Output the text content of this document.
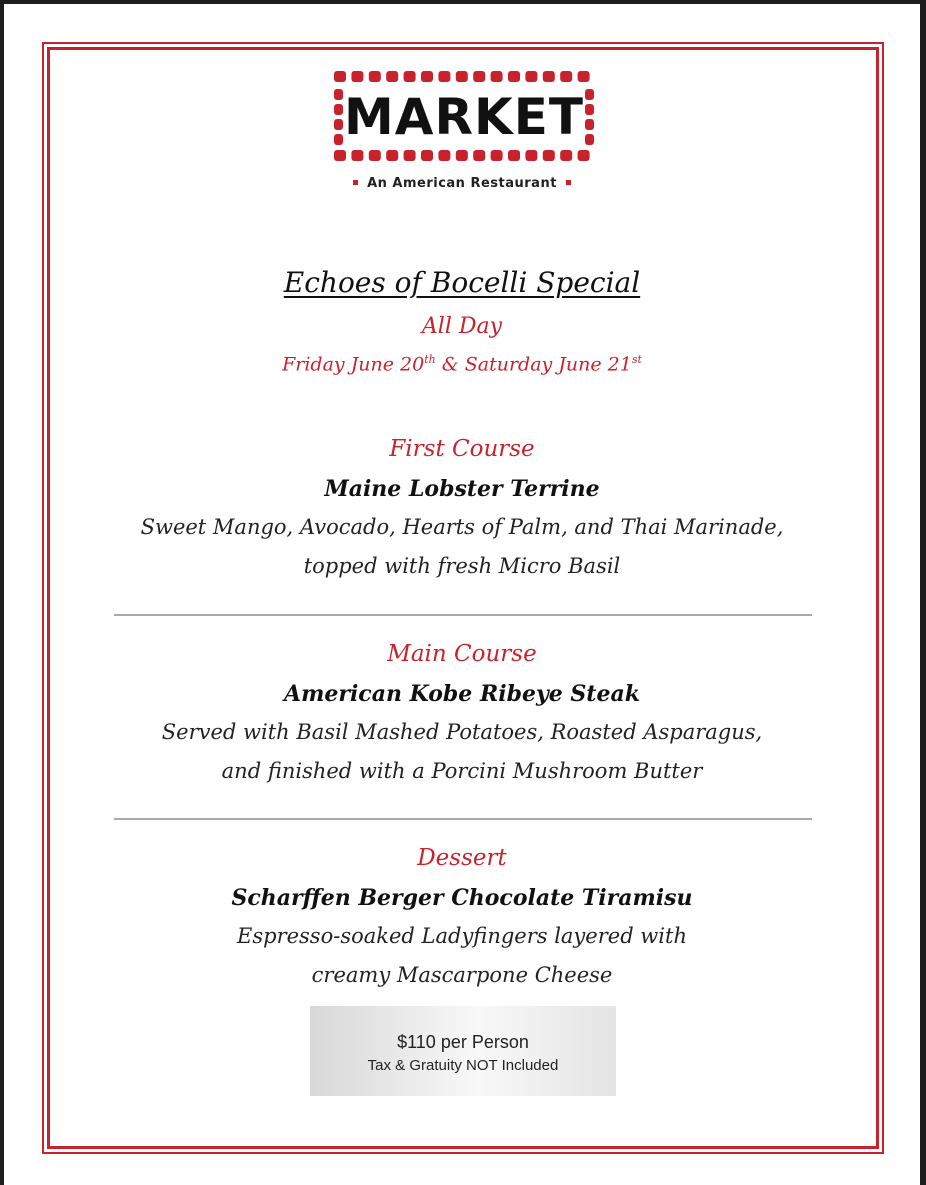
MARKET
An American Restaurant
Echoes of Bocelli Special
All Day
Friday June 20th & Saturday June 21st
First Course
Maine Lobster Terrine
Sweet Mango, Avocado, Hearts of Palm, and Thai Marinade,
topped with fresh Micro Basil
Main Course
American Kobe Ribeye Steak
Served with Basil Mashed Potatoes, Roasted Asparagus,
and finished with a Porcini Mushroom Butter
Dessert
Scharffen Berger Chocolate Tiramisu
Espresso-soaked Ladyfingers layered with
creamy Mascarpone Cheese
$110 per Person
Tax & Gratuity NOT Included
